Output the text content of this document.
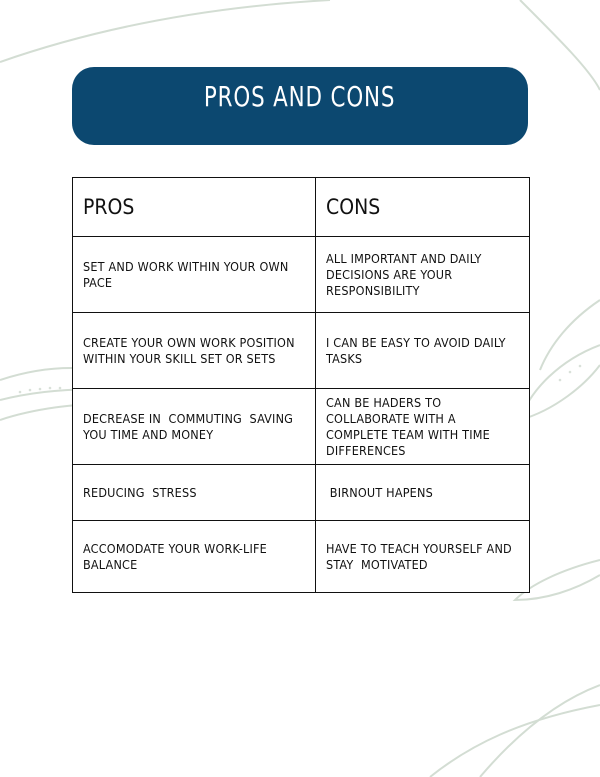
PROS AND CONS
PROS	CONS

SET AND WORK WITHIN YOUR OWN PACE	ALL IMPORTANT AND DAILY DECISIONS ARE YOUR RESPONSIBILITY

CREATE YOUR OWN WORK POSITION WITHIN YOUR SKILL SET OR SETS	I CAN BE EASY TO AVOID DAILY TASKS

DECREASE IN  COMMUTING  SAVING YOU TIME AND MONEY	CAN BE HADERS TO COLLABORATE WITH A COMPLETE TEAM WITH TIME DIFFERENCES

REDUCING  STRESS	BIRNOUT HAPENS

ACCOMODATE YOUR WORK-LIFE BALANCE	HAVE TO TEACH YOURSELF AND STAY  MOTIVATED
